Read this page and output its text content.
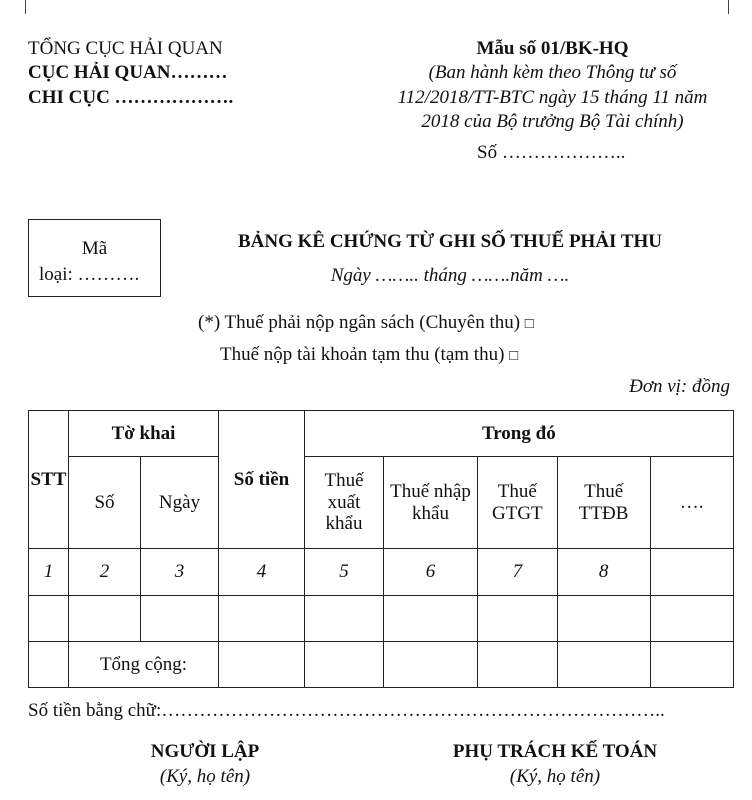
TỔNG CỤC HẢI QUAN
CỤC HẢI QUAN………
CHI CỤC ……………….
Mẫu số 01/BK-HQ
(Ban hành kèm theo Thông tư số
112/2018/TT-BTC ngày 15 tháng 11 năm
2018 của Bộ trưởng Bộ Tài chính)
Số ………………..
Mã
loại: ……….
BẢNG KÊ CHỨNG TỪ GHI SỐ THUẾ PHẢI THU
Ngày …….. tháng …….năm ….
(*) Thuế phải nộp ngân sách (Chuyên thu) □
Thuế nộp tài khoản tạm thu (tạm thu) □
Đơn vị: đồng
STT	Tờ khai		Số tiền	Trong đó				
	Số	Ngày		Thuế xuất khẩu	Thuế nhập khẩu	Thuế GTGT	Thuế TTĐB	….
1	2	3	4	5	6	7	8	

	Tổng cộng:							
Số tiền bằng chữ:……………………………………………………………………..
NGƯỜI LẬP
(Ký, họ tên)
PHỤ TRÁCH KẾ TOÁN
(Ký, họ tên)
